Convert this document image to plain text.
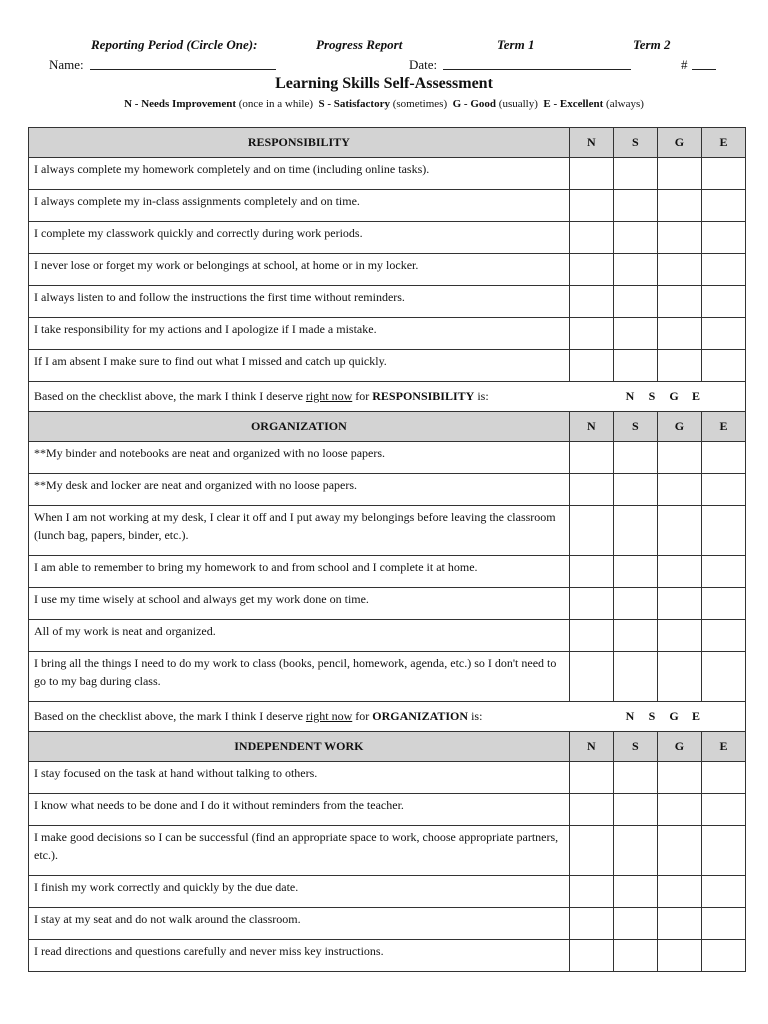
Reporting Period (Circle One):	Progress Report	Term 1	Term 2
Name:	Date:	#
Learning Skills Self-Assessment
N - Needs Improvement (once in a while) S - Satisfactory (sometimes) G - Good (usually) E - Excellent (always)
RESPONSIBILITY	N	S	G	E
I always complete my homework completely and on time (including online tasks).				
I always complete my in-class assignments completely and on time.				
I complete my classwork quickly and correctly during work periods.				
I never lose or forget my work or belongings at school, at home or in my locker.				
I always listen to and follow the instructions the first time without reminders.				
I take responsibility for my actions and I apologize if I made a mistake.				
If I am absent I make sure to find out what I missed and catch up quickly.				
Based on the checklist above, the mark I think I deserve right now for RESPONSIBILITY is: N S G E				
ORGANIZATION	N	S	G	E
**My binder and notebooks are neat and organized with no loose papers.				
**My desk and locker are neat and organized with no loose papers.				
When I am not working at my desk, I clear it off and I put away my belongings before leaving the classroom (lunch bag, papers, binder, etc.).				
I am able to remember to bring my homework to and from school and I complete it at home.				
I use my time wisely at school and always get my work done on time.				
All of my work is neat and organized.				
I bring all the things I need to do my work to class (books, pencil, homework, agenda, etc.) so I don't need to go to my bag during class.				
Based on the checklist above, the mark I think I deserve right now for ORGANIZATION is: N S G E				
INDEPENDENT WORK	N	S	G	E
I stay focused on the task at hand without talking to others.				
I know what needs to be done and I do it without reminders from the teacher.				
I make good decisions so I can be successful (find an appropriate space to work, choose appropriate partners, etc.).				
I finish my work correctly and quickly by the due date.				
I stay at my seat and do not walk around the classroom.				
I read directions and questions carefully and never miss key instructions.				
